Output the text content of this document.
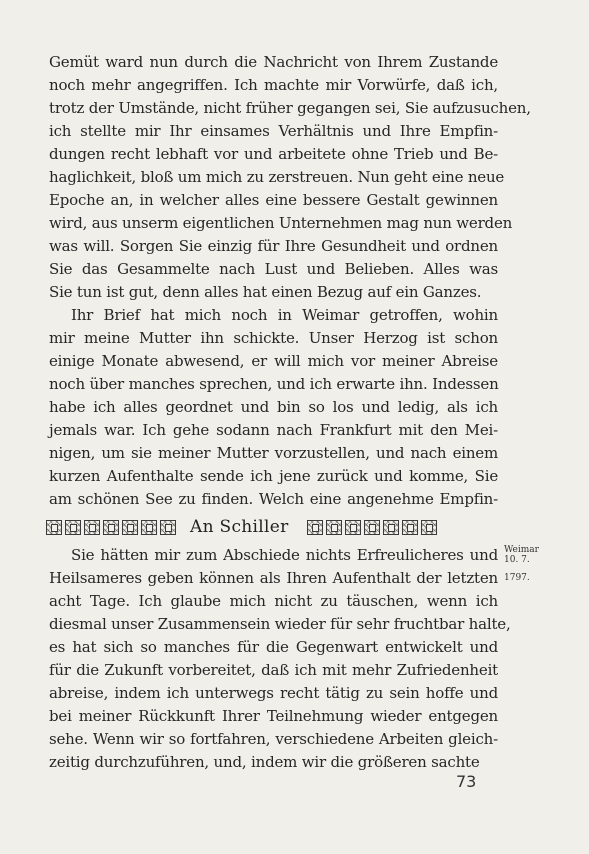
Gemüt ward nun durch die Nachricht von Ihrem Zustande
noch mehr angegriffen. Ich machte mir Vorwürfe, daß ich,
trotz der Umstände, nicht früher gegangen sei, Sie aufzusuchen,
ich stellte mir Ihr einsames Verhältnis und Ihre Empfin-
dungen recht lebhaft vor und arbeitete ohne Trieb und Be-
haglichkeit, bloß um mich zu zerstreuen. Nun geht eine neue
Epoche an, in welcher alles eine bessere Gestalt gewinnen
wird, aus unserm eigentlichen Unternehmen mag nun werden
was will. Sorgen Sie einzig für Ihre Gesundheit und ordnen
Sie das Gesammelte nach Lust und Belieben. Alles was
Sie tun ist gut, denn alles hat einen Bezug auf ein Ganzes.
Ihr Brief hat mich noch in Weimar getroffen, wohin
mir meine Mutter ihn schickte. Unser Herzog ist schon
einige Monate abwesend, er will mich vor meiner Abreise
noch über manches sprechen, und ich erwarte ihn. Indessen
habe ich alles geordnet und bin so los und ledig, als ich
jemals war. Ich gehe sodann nach Frankfurt mit den Mei-
nigen, um sie meiner Mutter vorzustellen, und nach einem
kurzen Aufenthalte sende ich jene zurück und komme, Sie
am schönen See zu finden. Welch eine angenehme Empfin-
An Schiller
Weimar
10. 7.
1797.
Sie hätten mir zum Abschiede nichts Erfreulicheres und
Heilsameres geben können als Ihren Aufenthalt der letzten
acht Tage. Ich glaube mich nicht zu täuschen, wenn ich
diesmal unser Zusammensein wieder für sehr fruchtbar halte,
es hat sich so manches für die Gegenwart entwickelt und
für die Zukunft vorbereitet, daß ich mit mehr Zufriedenheit
abreise, indem ich unterwegs recht tätig zu sein hoffe und
bei meiner Rückkunft Ihrer Teilnehmung wieder entgegen
sehe. Wenn wir so fortfahren, verschiedene Arbeiten gleich-
zeitig durchzuführen, und, indem wir die größeren sachte
73
